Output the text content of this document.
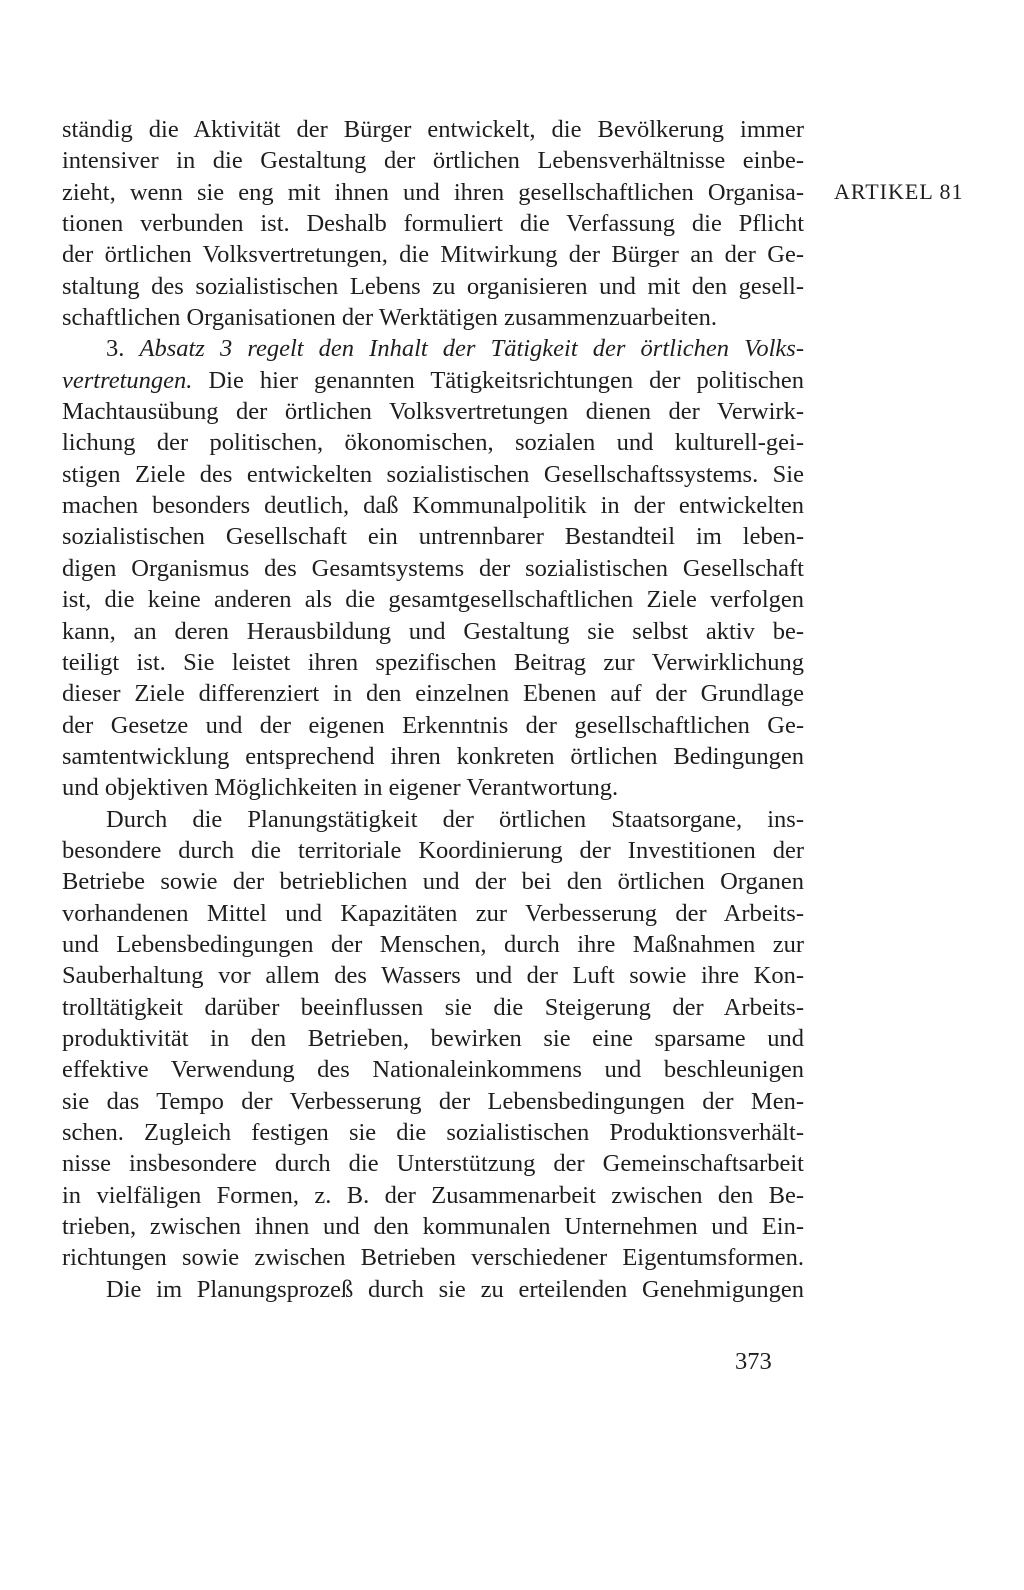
ständig die Aktivität der Bürger entwickelt, die Bevölkerung immer
intensiver in die Gestaltung der örtlichen Lebensverhältnisse einbe-
zieht, wenn sie eng mit ihnen und ihren gesellschaftlichen Organisa-
tionen verbunden ist. Deshalb formuliert die Verfassung die Pflicht
der örtlichen Volksvertretungen, die Mitwirkung der Bürger an der Ge-
staltung des sozialistischen Lebens zu organisieren und mit den gesell-
schaftlichen Organisationen der Werktätigen zusammenzuarbeiten.
3. Absatz 3 regelt den Inhalt der Tätigkeit der örtlichen Volks-
vertretungen. Die hier genannten Tätigkeitsrichtungen der politischen
Machtausübung der örtlichen Volksvertretungen dienen der Verwirk-
lichung der politischen, ökonomischen, sozialen und kulturell-gei-
stigen Ziele des entwickelten sozialistischen Gesellschaftssystems. Sie
machen besonders deutlich, daß Kommunalpolitik in der entwickelten
sozialistischen Gesellschaft ein untrennbarer Bestandteil im leben-
digen Organismus des Gesamtsystems der sozialistischen Gesellschaft
ist, die keine anderen als die gesamtgesellschaftlichen Ziele verfolgen
kann, an deren Herausbildung und Gestaltung sie selbst aktiv be-
teiligt ist. Sie leistet ihren spezifischen Beitrag zur Verwirklichung
dieser Ziele differenziert in den einzelnen Ebenen auf der Grundlage
der Gesetze und der eigenen Erkenntnis der gesellschaftlichen Ge-
samtentwicklung entsprechend ihren konkreten örtlichen Bedingungen
und objektiven Möglichkeiten in eigener Verantwortung.
Durch die Planungstätigkeit der örtlichen Staatsorgane, ins-
besondere durch die territoriale Koordinierung der Investitionen der
Betriebe sowie der betrieblichen und der bei den örtlichen Organen
vorhandenen Mittel und Kapazitäten zur Verbesserung der Arbeits-
und Lebensbedingungen der Menschen, durch ihre Maßnahmen zur
Sauberhaltung vor allem des Wassers und der Luft sowie ihre Kon-
trolltätigkeit darüber beeinflussen sie die Steigerung der Arbeits-
produktivität in den Betrieben, bewirken sie eine sparsame und
effektive Verwendung des Nationaleinkommens und beschleunigen
sie das Tempo der Verbesserung der Lebensbedingungen der Men-
schen. Zugleich festigen sie die sozialistischen Produktionsverhält-
nisse insbesondere durch die Unterstützung der Gemeinschaftsarbeit
in vielfäligen Formen, z. B. der Zusammenarbeit zwischen den Be-
trieben, zwischen ihnen und den kommunalen Unternehmen und Ein-
richtungen sowie zwischen Betrieben verschiedener Eigentumsformen.
Die im Planungsprozeß durch sie zu erteilenden Genehmigungen
ARTIKEL 81
373
